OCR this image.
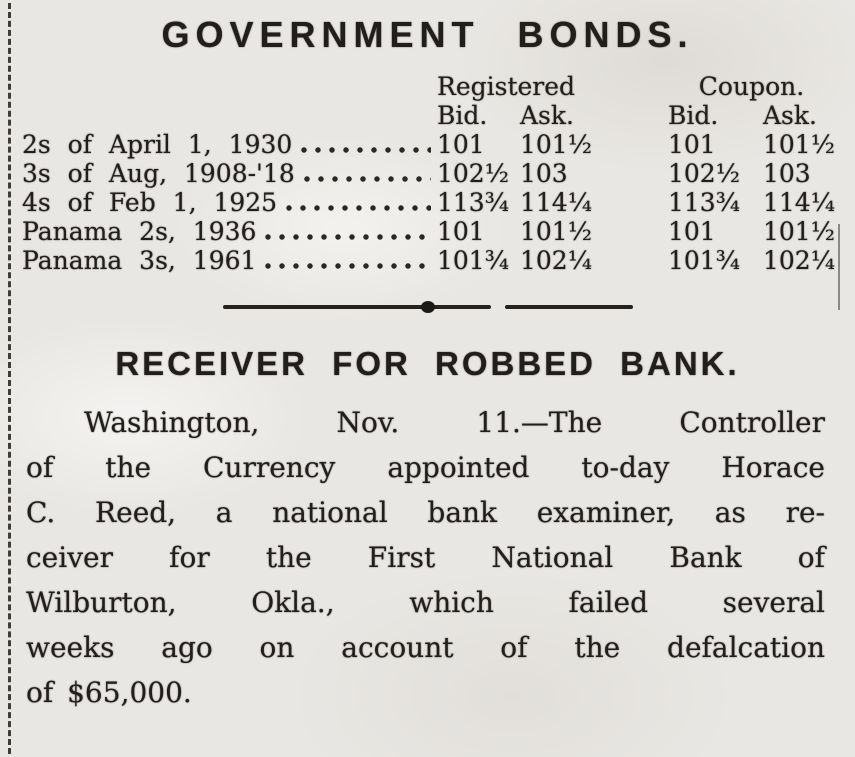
GOVERNMENT BONDS.
Registered	Coupon.
Bid.	Ask.	Bid.	Ask.
2s of April 1, 1930	101	101½	101	101½
3s of Aug, 1908-'18	102½ 103	102½ 103
4s of Feb 1, 1925	113¾ 114¼	113¾ 114¼
Panama 2s, 1936	101	101½	101	101½
Panama 3s, 1961	101¾ 102¼	101¾ 102¼
RECEIVER FOR ROBBED BANK.
Washington, Nov. 11.—The Controller
of the Currency appointed to-day Horace
C. Reed, a national bank examiner, as re-
ceiver for the First National Bank of
Wilburton, Okla., which failed several
weeks ago on account of the defalcation
of $65,000.
